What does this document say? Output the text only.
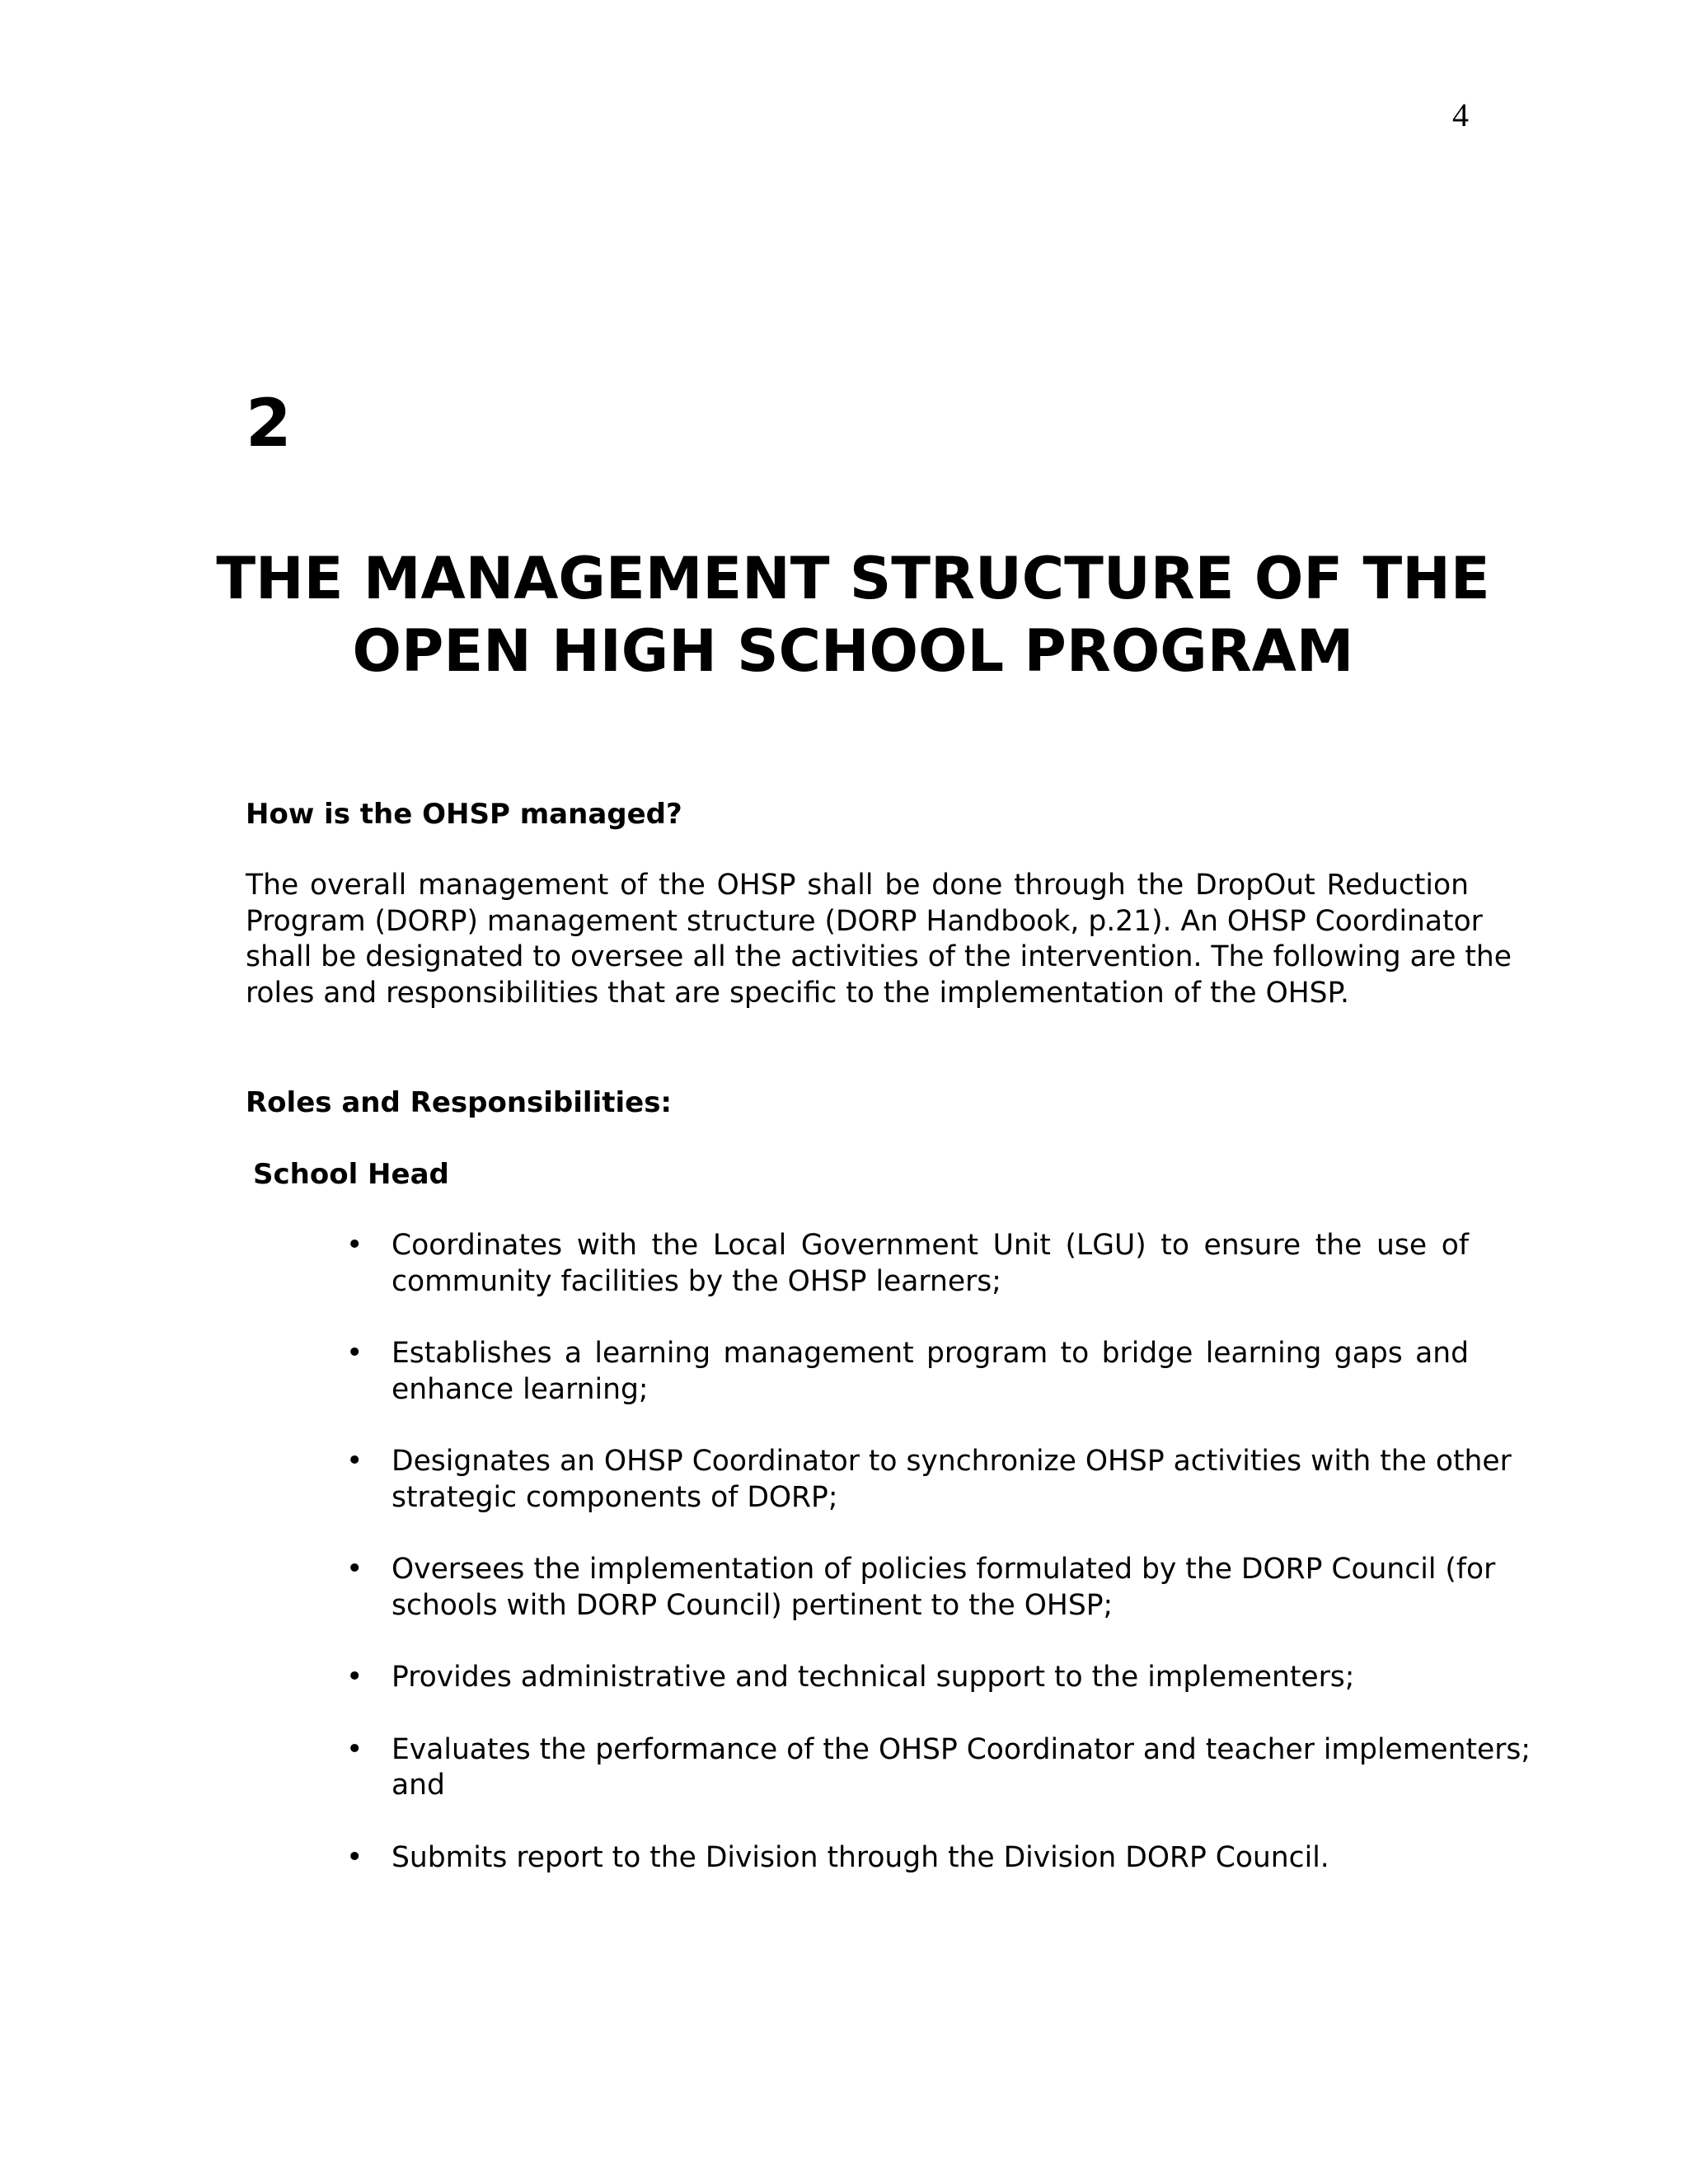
4
2
THE MANAGEMENT STRUCTURE OF THE
OPEN HIGH SCHOOL PROGRAM
How is the OHSP managed?

The overall management of the OHSP shall be done through the DropOut Reduction
Program (DORP) management structure (DORP Handbook, p.21). An OHSP Coordinator
shall be designated to oversee all the activities of the intervention. The following are the
roles and responsibilities that are specific to the implementation of the OHSP.

Roles and Responsibilities:
School Head
• Coordinates with the Local Government Unit (LGU) to ensure the use of
community facilities by the OHSP learners;
• Establishes a learning management program to bridge learning gaps and
enhance learning;
• Designates an OHSP Coordinator to synchronize OHSP activities with the other
strategic components of DORP;
• Oversees the implementation of policies formulated by the DORP Council (for
schools with DORP Council) pertinent to the OHSP;
• Provides administrative and technical support to the implementers;
• Evaluates the performance of the OHSP Coordinator and teacher implementers;
and
• Submits report to the Division through the Division DORP Council.
